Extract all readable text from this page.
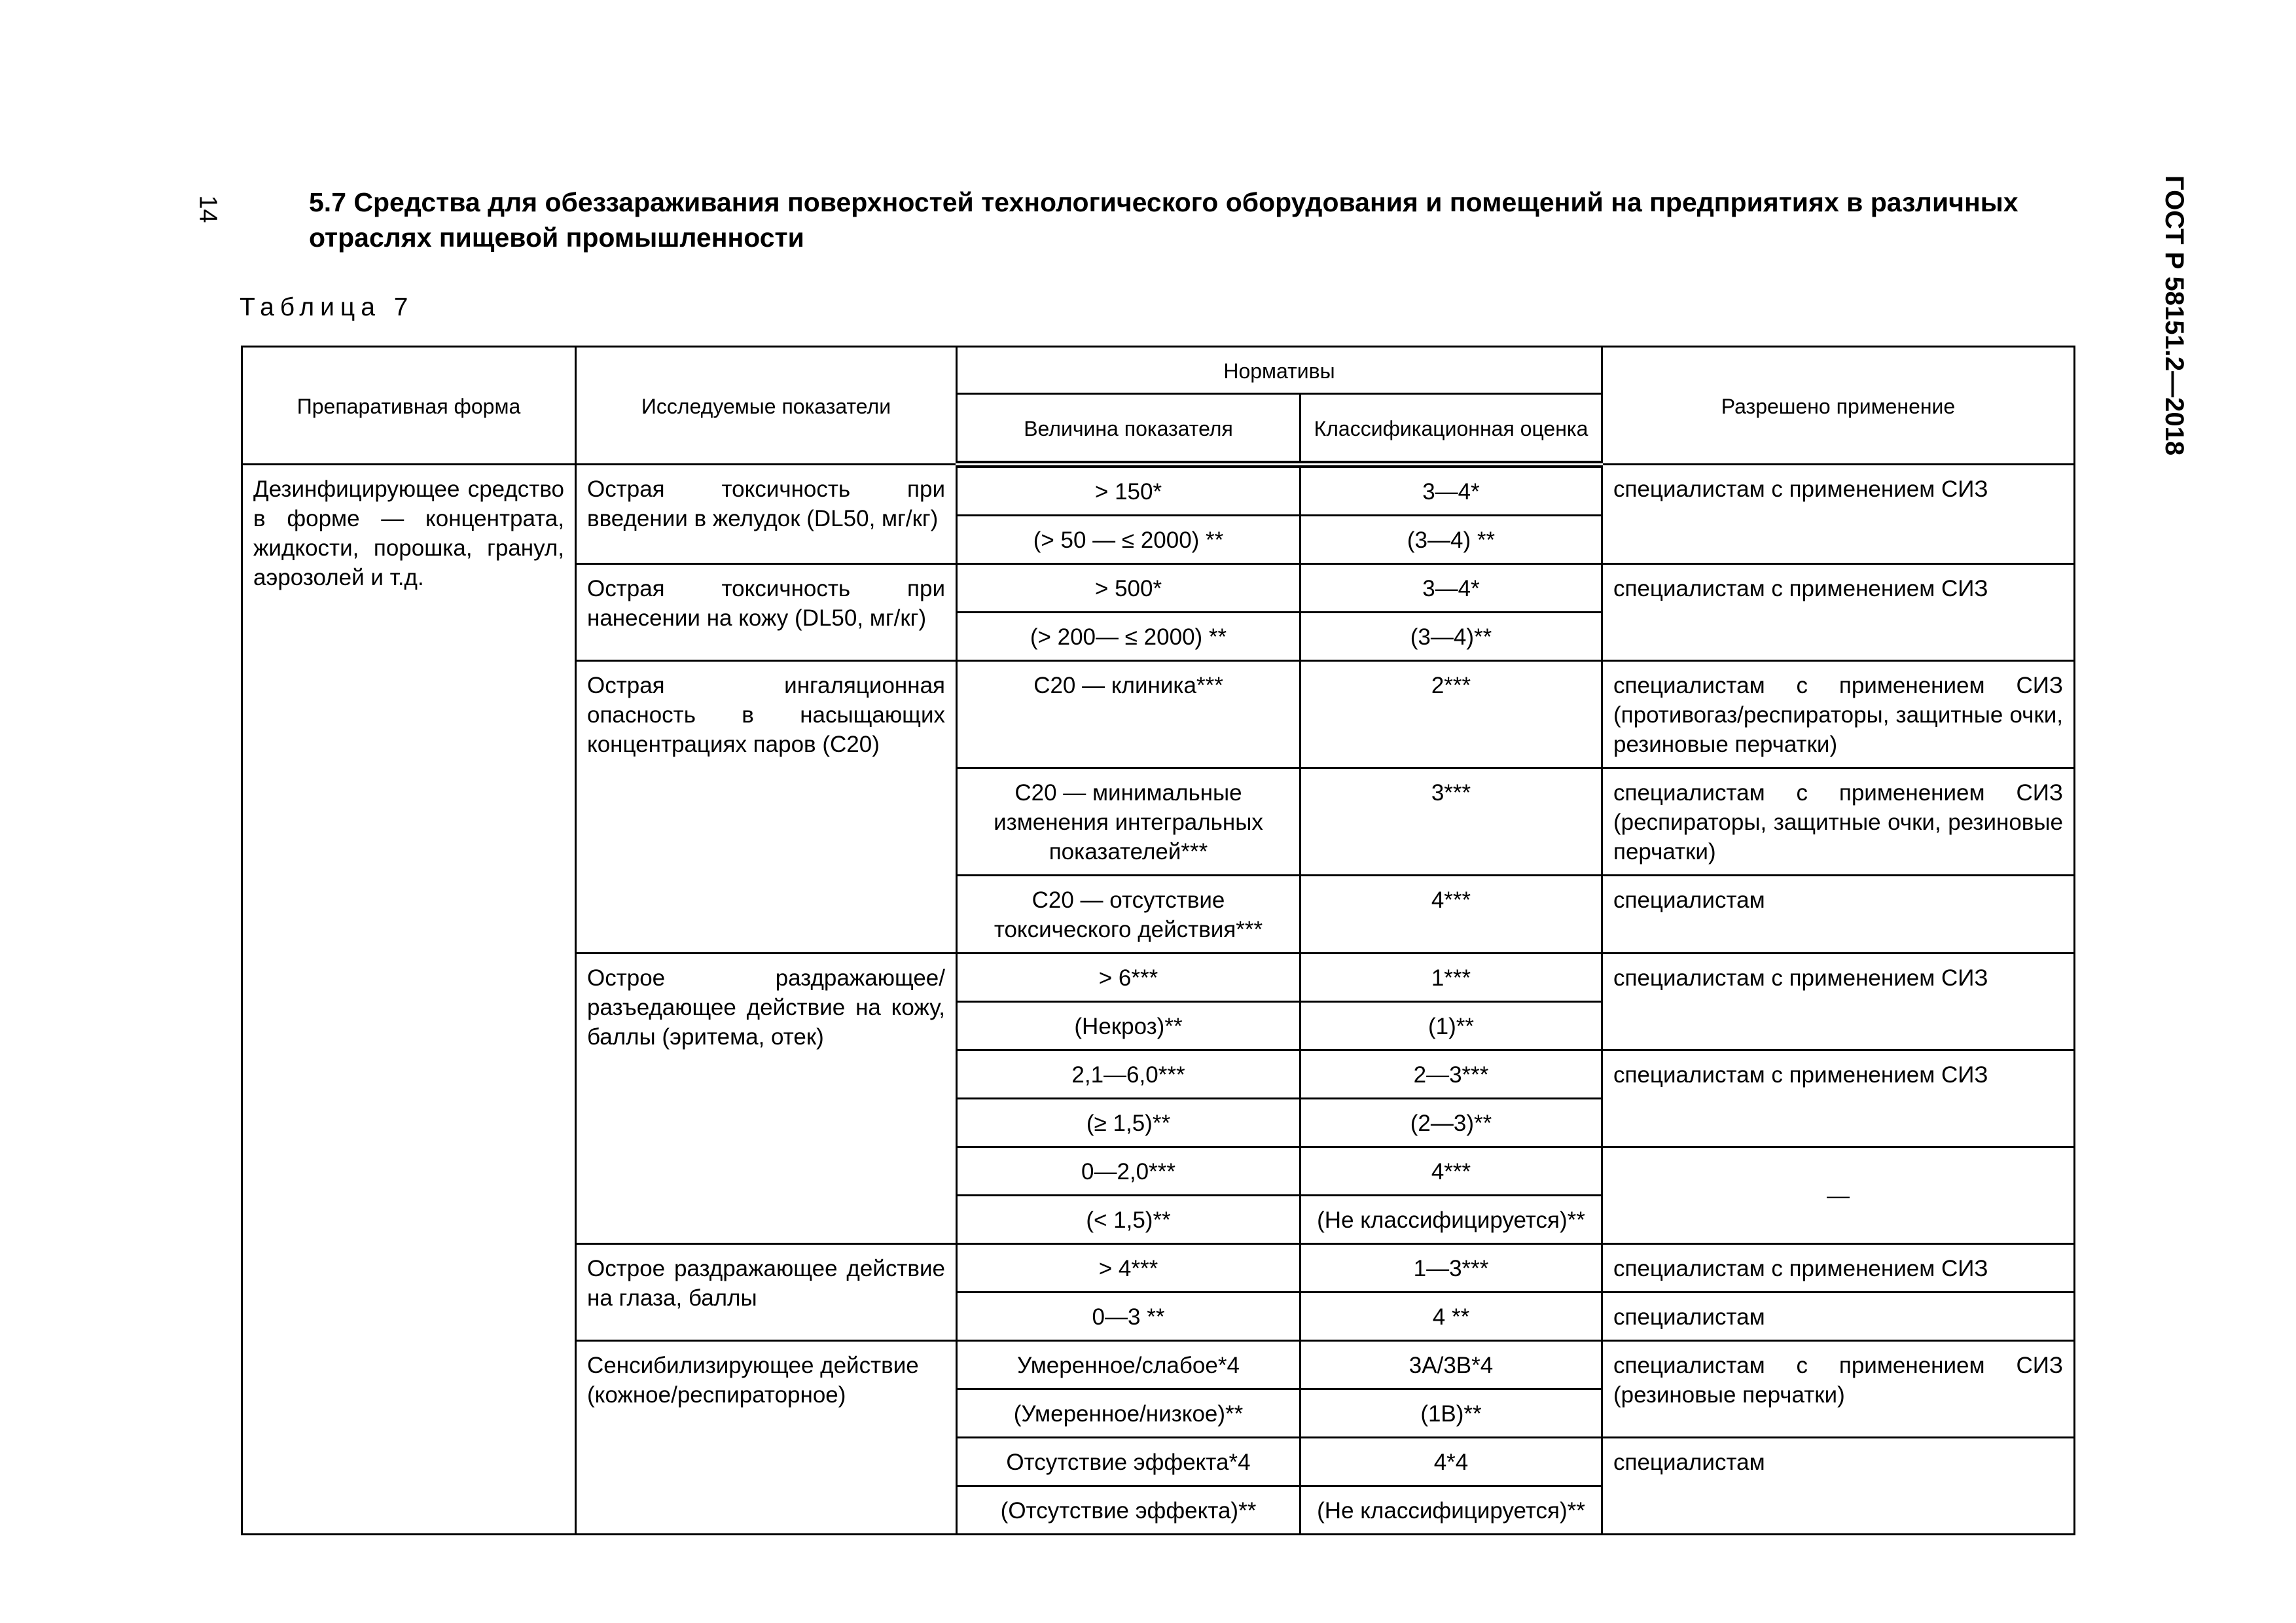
14	ГОСТ Р 58151.2—2018
5.7 Средства для обеззараживания поверхностей технологического оборудования и помещений на предприятиях в различных отраслях пищевой промышленности
Таблица 7
Препаративная форма	Исследуемые показатели	Нормативы		Разрешено применение
		Величина показателя	Классификационная оценка	
Дезинфицирующее средство в форме — концентрата, жидкости, порошка, гранул, аэрозолей и т.д.	Острая токсичность при введении в желудок (DL50, мг/кг)	> 150*	3—4*	специалистам с применением СИЗ
		(> 50 — ≤ 2000) **	(3—4) **	
	Острая токсичность при нанесении на кожу (DL50, мг/кг)	> 500*	3—4*	специалистам с применением СИЗ
		(> 200— ≤ 2000) **	(3—4)**	
	Острая ингаляционная опасность в насыщающих концентрациях паров (C20)	C20 — клиника***	2***	специалистам с применением СИЗ (противогаз/респираторы, защитные очки, резиновые перчатки)
		C20 — минимальные изменения интегральных показателей***	3***	специалистам с применением СИЗ (респираторы, защитные очки, резиновые перчатки)
		C20 — отсутствие токсического действия***	4***	специалистам
	Острое раздражающее/разъедающее действие на кожу, баллы (эритема, отек)	> 6***	1***	специалистам с применением СИЗ
		(Некроз)**	(1)**	
		2,1—6,0***	2—3***	специалистам с применением СИЗ
		(≥ 1,5)**	(2—3)**	
		0—2,0***	4***	—
		(< 1,5)**	(Не классифицируется)**	
	Острое раздражающее действие на глаза, баллы	> 4***	1—3***	специалистам с применением СИЗ
		0—3 **	4 **	специалистам
	Сенсибилизирующее действие (кожное/респираторное)	Умеренное/слабое*4	3А/3В*4	специалистам с применением СИЗ (резиновые перчатки)
		(Умеренное/низкое)**	(1В)**	
		Отсутствие эффекта*4	4*4	специалистам
		(Отсутствие эффекта)**	(Не классифицируется)**	
